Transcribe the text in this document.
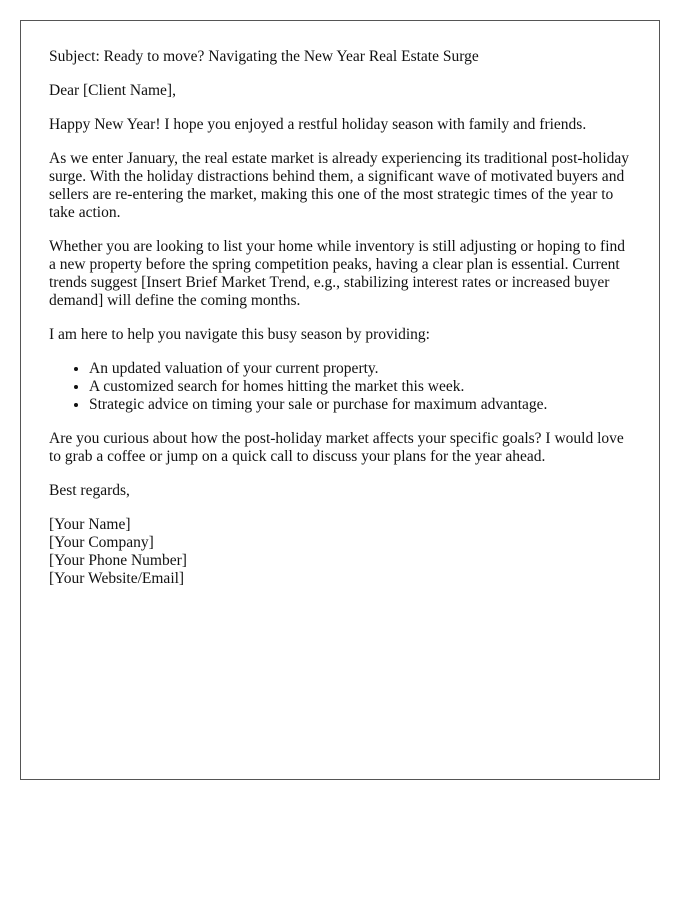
Subject: Ready to move? Navigating the New Year Real Estate Surge

Dear [Client Name],

Happy New Year! I hope you enjoyed a restful holiday season with family and friends.

As we enter January, the real estate market is already experiencing its traditional post-holiday surge. With the holiday distractions behind them, a significant wave of motivated buyers and sellers are re-entering the market, making this one of the most strategic times of the year to take action.

Whether you are looking to list your home while inventory is still adjusting or hoping to find a new property before the spring competition peaks, having a clear plan is essential. Current trends suggest [Insert Brief Market Trend, e.g., stabilizing interest rates or increased buyer demand] will define the coming months.

I am here to help you navigate this busy season by providing:

• An updated valuation of your current property.
• A customized search for homes hitting the market this week.
• Strategic advice on timing your sale or purchase for maximum advantage.

Are you curious about how the post-holiday market affects your specific goals? I would love to grab a coffee or jump on a quick call to discuss your plans for the year ahead.

Best regards,

[Your Name]
[Your Company]
[Your Phone Number]
[Your Website/Email]
